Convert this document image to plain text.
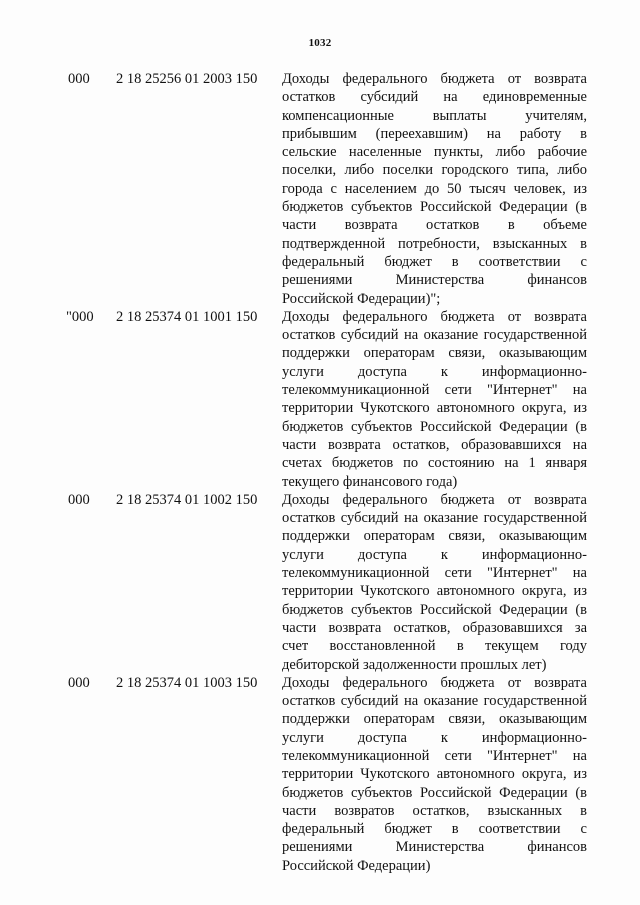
1032
000 2 18 25256 01 2003 150 Доходы федерального бюджета от возврата
остатков субсидий на единовременные
компенсационные выплаты учителям,
прибывшим (переехавшим) на работу в
сельские населенные пункты, либо рабочие
поселки, либо поселки городского типа, либо
города с населением до 50 тысяч человек, из
бюджетов субъектов Российской Федерации (в
части возврата остатков в объеме
подтвержденной потребности, взысканных в
федеральный бюджет в соответствии с
решениями Министерства финансов
Российской Федерации)";
"000 2 18 25374 01 1001 150 Доходы федерального бюджета от возврата
остатков субсидий на оказание государственной
поддержки операторам связи, оказывающим
услуги доступа к информационно-
телекоммуникационной сети "Интернет" на
территории Чукотского автономного округа, из
бюджетов субъектов Российской Федерации (в
части возврата остатков, образовавшихся на
счетах бюджетов по состоянию на 1 января
текущего финансового года)
000 2 18 25374 01 1002 150 Доходы федерального бюджета от возврата
остатков субсидий на оказание государственной
поддержки операторам связи, оказывающим
услуги доступа к информационно-
телекоммуникационной сети "Интернет" на
территории Чукотского автономного округа, из
бюджетов субъектов Российской Федерации (в
части возврата остатков, образовавшихся за
счет восстановленной в текущем году
дебиторской задолженности прошлых лет)
000 2 18 25374 01 1003 150 Доходы федерального бюджета от возврата
остатков субсидий на оказание государственной
поддержки операторам связи, оказывающим
услуги доступа к информационно-
телекоммуникационной сети "Интернет" на
территории Чукотского автономного округа, из
бюджетов субъектов Российской Федерации (в
части возвратов остатков, взысканных в
федеральный бюджет в соответствии с
решениями Министерства финансов
Российской Федерации)
